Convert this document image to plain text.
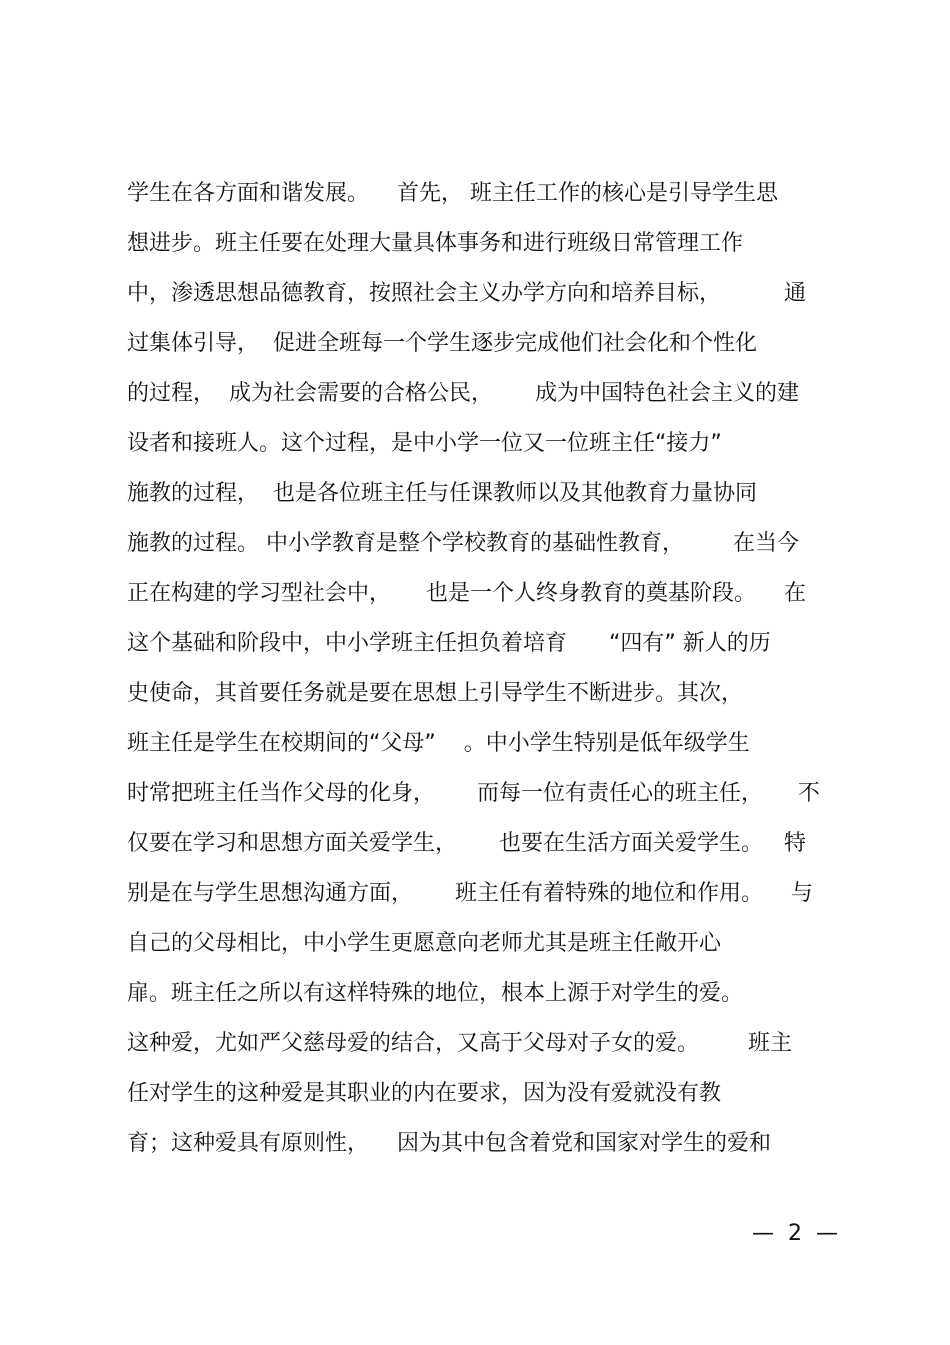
学生在各方面和谐发展。    首先， 班主任工作的核心是引导学生思
想进步。班主任要在处理大量具体事务和进行班级日常管理工作
中，渗透思想品德教育，按照社会主义办学方向和培养目标，         通
过集体引导，  促进全班每一个学生逐步完成他们社会化和个性化
的过程，  成为社会需要的合格公民，      成为中国特色社会主义的建
设者和接班人。这个过程，是中小学一位又一位班主任“接力”
施教的过程，  也是各位班主任与任课教师以及其他教育力量协同
施教的过程。 中小学教育是整个学校教育的基础性教育，       在当今
正在构建的学习型社会中，     也是一个人终身教育的奠基阶段。    在
这个基础和阶段中，中小学班主任担负着培育      “四有” 新人的历
史使命，其首要任务就是要在思想上引导学生不断进步。其次，
班主任是学生在校期间的“父母”    。中小学生特别是低年级学生
时常把班主任当作父母的化身，      而每一位有责任心的班主任，     不
仅要在学习和思想方面关爱学生，      也要在生活方面关爱学生。   特
别是在与学生思想沟通方面，      班主任有着特殊的地位和作用。    与
自己的父母相比，中小学生更愿意向老师尤其是班主任敞开心
扉。班主任之所以有这样特殊的地位，根本上源于对学生的爱。
这种爱，尤如严父慈母爱的结合，又高于父母对子女的爱。       班主
任对学生的这种爱是其职业的内在要求，因为没有爱就没有教
育；这种爱具有原则性，    因为其中包含着党和国家对学生的爱和
—  2  —
